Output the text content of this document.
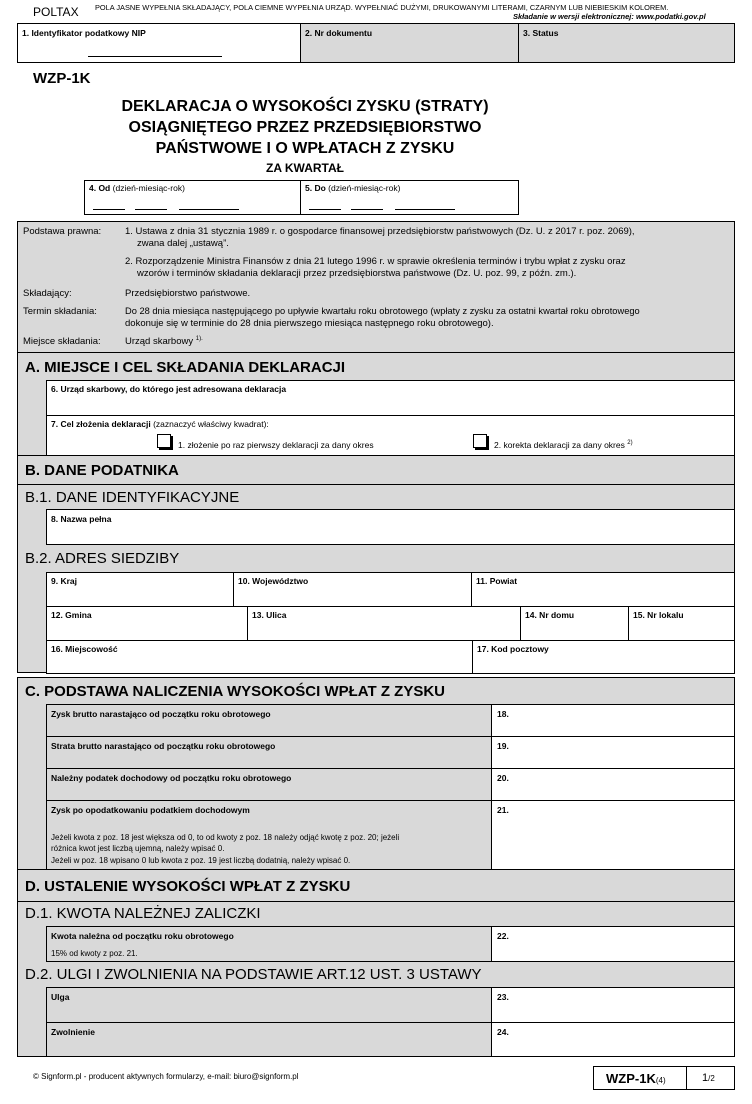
POLTAX POLA JASNE WYPEŁNIA SKŁADAJĄCY, POLA CIEMNE WYPEŁNIA URZĄD. WYPEŁNIAĆ DUŻYMI, DRUKOWANYMI LITERAMI, CZARNYM LUB NIEBIESKIM KOLOREM.
Składanie w wersji elektronicznej: www.podatki.gov.pl
1. Identyfikator podatkowy NIP	2. Nr dokumentu	3. Status
WZP-1K
DEKLARACJA O WYSOKOŚCI ZYSKU (STRATY)
OSIĄGNIĘTEGO PRZEZ PRZEDSIĘBIORSTWO
PAŃSTWOWE I O WPŁATACH Z ZYSKU
ZA KWARTAŁ
4. Od (dzień-miesiąc-rok)	5. Do (dzień-miesiąc-rok)
Podstawa prawna:	1. Ustawa z dnia 31 stycznia 1989 r. o gospodarce finansowej przedsiębiorstw państwowych (Dz. U. z 2017 r. poz. 2069),
zwana dalej „ustawą”.
2. Rozporządzenie Ministra Finansów z dnia 21 lutego 1996 r. w sprawie określenia terminów i trybu wpłat z zysku oraz
wzorów i terminów składania deklaracji przez przedsiębiorstwa państwowe (Dz. U. poz. 99, z późn. zm.).
Składający:	Przedsiębiorstwo państwowe.
Termin składania:	Do 28 dnia miesiąca następującego po upływie kwartału roku obrotowego (wpłaty z zysku za ostatni kwartał roku obrotowego
dokonuje się w terminie do 28 dnia pierwszego miesiąca następnego roku obrotowego).
Miejsce składania:	Urząd skarbowy $^{1).}$
A. MIEJSCE I CEL SKŁADANIA DEKLARACJI
6. Urząd skarbowy, do którego jest adresowana deklaracja
7. Cel złożenia deklaracji (zaznaczyć właściwy kwadrat):
1. złożenie po raz pierwszy deklaracji za dany okres	2. korekta deklaracji za dany okres $^{2)}$
B. DANE PODATNIKA
B.1. DANE IDENTYFIKACYJNE
8. Nazwa pełna
B.2. ADRES SIEDZIBY
9. Kraj	10. Województwo	11. Powiat
12. Gmina	13. Ulica	14. Nr domu	15. Nr lokalu
16. Miejscowość	17. Kod pocztowy
C. PODSTAWA NALICZENIA WYSOKOŚCI WPŁAT Z ZYSKU
Zysk brutto narastająco od początku roku obrotowego	18.
Strata brutto narastająco od początku roku obrotowego	19.
Należny podatek dochodowy od początku roku obrotowego	20.
Zysk po opodatkowaniu podatkiem dochodowym
Jeżeli kwota z poz. 18 jest większa od 0, to od kwoty z poz. 18 należy odjąć kwotę z poz. 20; jeżeli
różnica kwot jest liczbą ujemną, należy wpisać 0.
Jeżeli w poz. 18 wpisano 0 lub kwota z poz. 19 jest liczbą dodatnią, należy wpisać 0.
21.
D. USTALENIE WYSOKOŚCI WPŁAT Z ZYSKU
D.1. KWOTA NALEŻNEJ ZALICZKI
Kwota należna od początku roku obrotowego
15% od kwoty z poz. 21.
22.
D.2. ULGI I ZWOLNIENIA NA PODSTAWIE ART.12 UST. 3 USTAWY
Ulga	23.
Zwolnienie	24.
© Signform.pl - producent aktywnych formularzy, e-mail: biuro@signform.pl	WZP-1K(4)	1/2
